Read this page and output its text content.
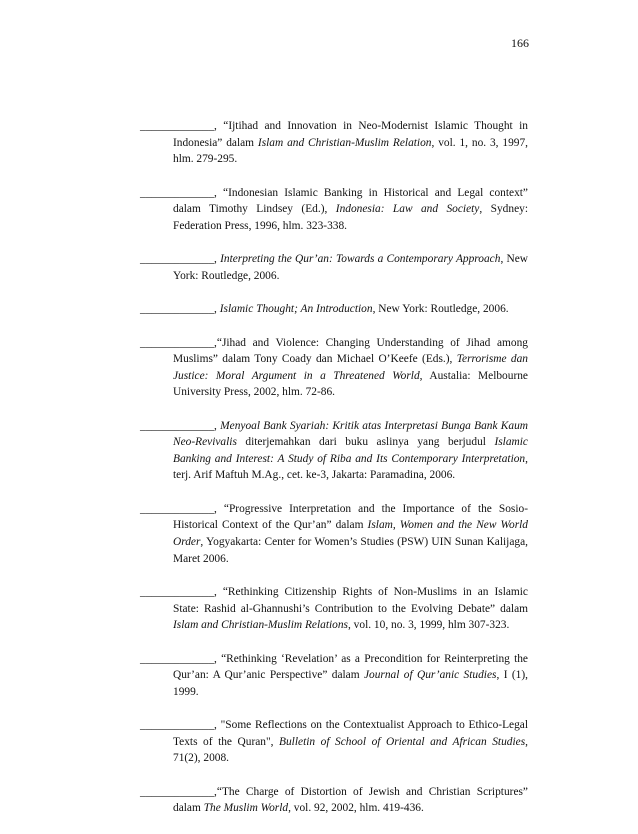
166

_____________, “Ijtihad and Innovation in Neo-Modernist Islamic Thought in Indonesia” dalam Islam and Christian-Muslim Relation, vol. 1, no. 3, 1997, hlm. 279-295.

_____________, “Indonesian Islamic Banking in Historical and Legal context” dalam Timothy Lindsey (Ed.), Indonesia: Law and Society, Sydney: Federation Press, 1996, hlm. 323-338.

_____________, Interpreting the Qur’an: Towards a Contemporary Approach, New York: Routledge, 2006.

_____________, Islamic Thought; An Introduction, New York: Routledge, 2006.

_____________,“Jihad and Violence: Changing Understanding of Jihad among Muslims” dalam Tony Coady dan Michael O’Keefe (Eds.), Terrorisme dan Justice: Moral Argument in a Threatened World, Austalia: Melbourne University Press, 2002, hlm. 72-86.

_____________, Menyoal Bank Syariah: Kritik atas Interpretasi Bunga Bank Kaum Neo-Revivalis diterjemahkan dari buku aslinya yang berjudul Islamic Banking and Interest: A Study of Riba and Its Contemporary Interpretation, terj. Arif Maftuh M.Ag., cet. ke-3, Jakarta: Paramadina, 2006.

_____________, “Progressive Interpretation and the Importance of the Sosio-Historical Context of the Qur’an” dalam Islam, Women and the New World Order, Yogyakarta: Center for Women’s Studies (PSW) UIN Sunan Kalijaga, Maret 2006.

_____________, “Rethinking Citizenship Rights of Non-Muslims in an Islamic State: Rashid al-Ghannushi’s Contribution to the Evolving Debate” dalam Islam and Christian-Muslim Relations, vol. 10, no. 3, 1999, hlm 307-323.

_____________, “Rethinking ‘Revelation’ as a Precondition for Reinterpreting the Qur’an: A Qur’anic Perspective” dalam Journal of Qur’anic Studies, I (1), 1999.

_____________, "Some Reflections on the Contextualist Approach to Ethico-Legal Texts of the Quran", Bulletin of School of Oriental and African Studies, 71(2), 2008.

_____________,“The Charge of Distortion of Jewish and Christian Scriptures” dalam The Muslim World, vol. 92, 2002, hlm. 419-436.
